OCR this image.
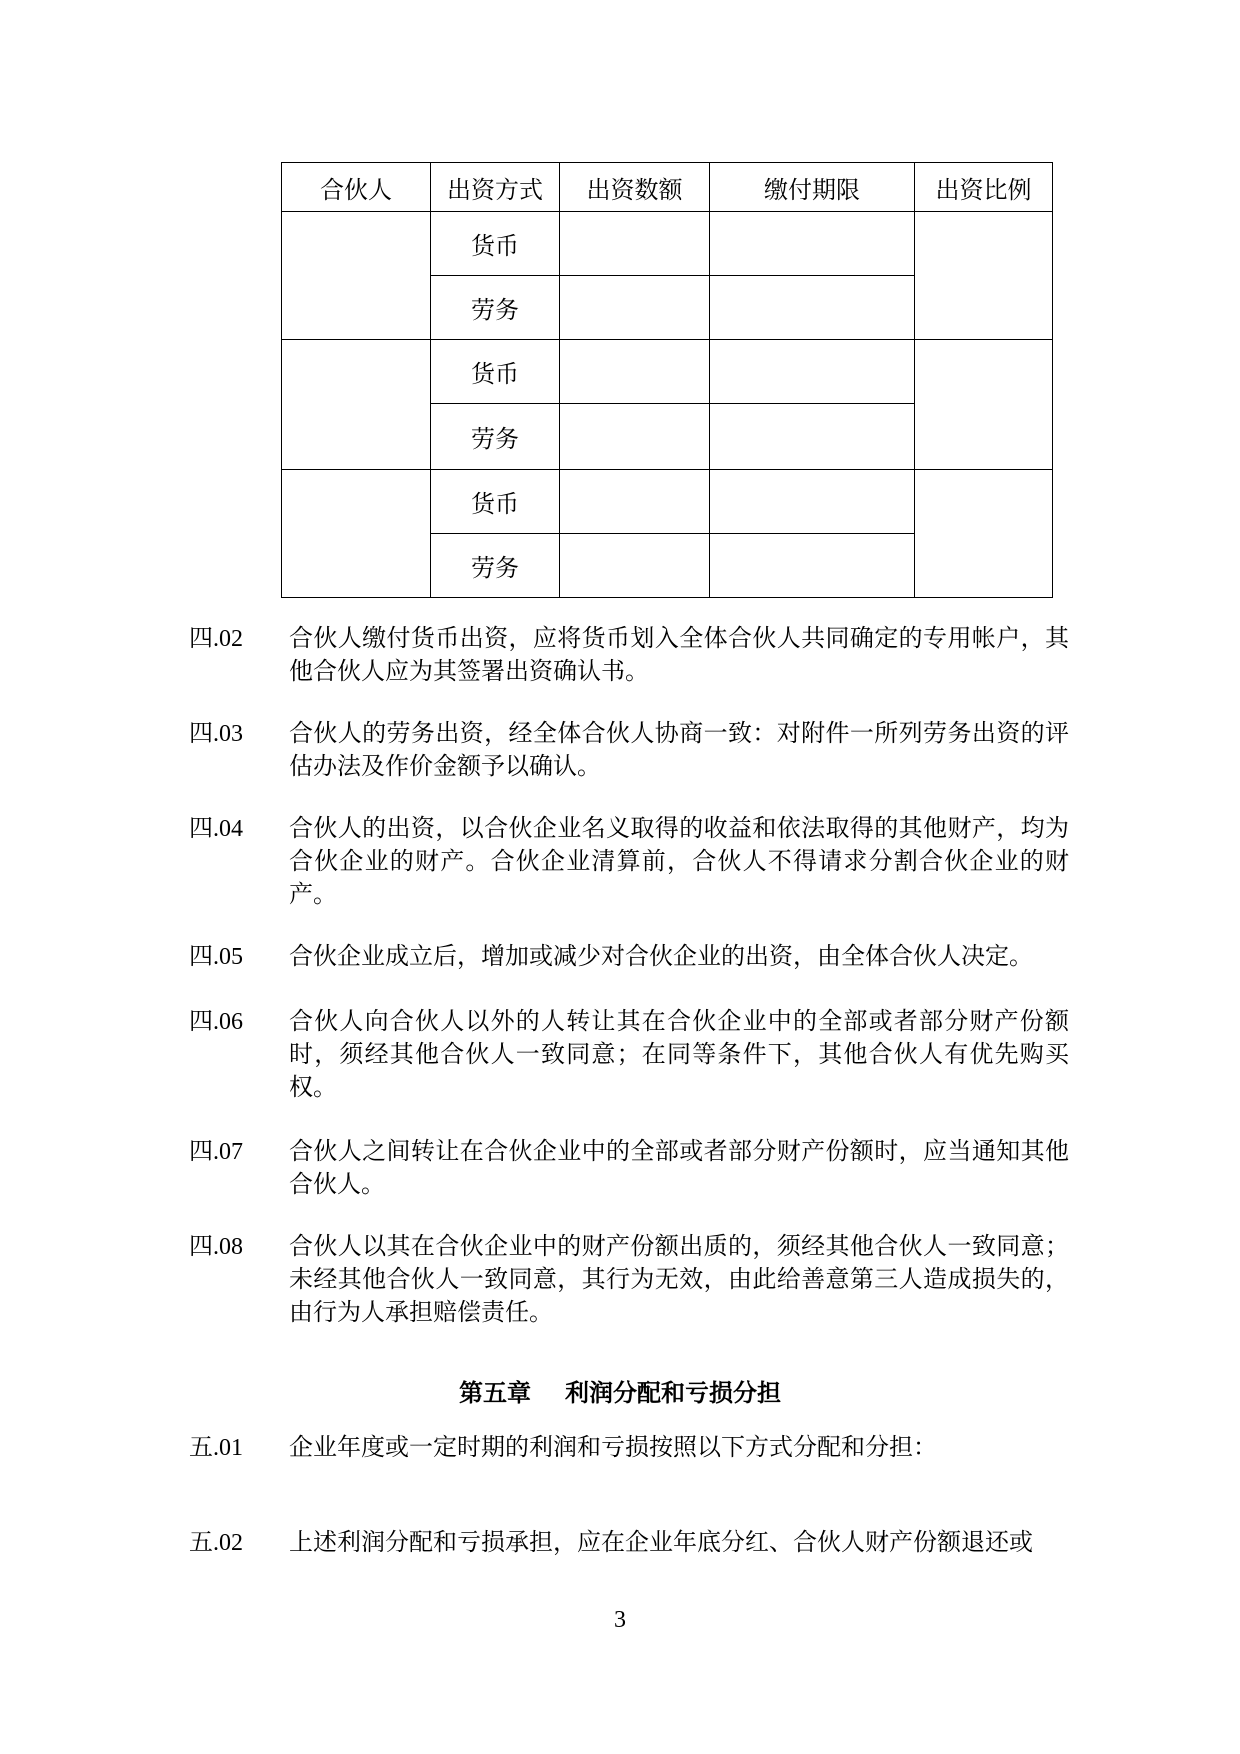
合伙人	出资方式	出资数额	缴付期限	出资比例
	货币			
	劳务			
	货币			
	劳务			
	货币			
	劳务			
四.02 合伙人缴付货币出资，应将货币划入全体合伙人共同确定的专用帐户，其他合伙人应为其签署出资确认书。
四.03 合伙人的劳务出资，经全体合伙人协商一致：对附件一所列劳务出资的评估办法及作价金额予以确认。
四.04 合伙人的出资，以合伙企业名义取得的收益和依法取得的其他财产，均为合伙企业的财产。合伙企业清算前，合伙人不得请求分割合伙企业的财产。
四.05 合伙企业成立后，增加或减少对合伙企业的出资，由全体合伙人决定。
四.06 合伙人向合伙人以外的人转让其在合伙企业中的全部或者部分财产份额时，须经其他合伙人一致同意；在同等条件下，其他合伙人有优先购买权。
四.07 合伙人之间转让在合伙企业中的全部或者部分财产份额时，应当通知其他合伙人。
四.08 合伙人以其在合伙企业中的财产份额出质的，须经其他合伙人一致同意；未经其他合伙人一致同意，其行为无效，由此给善意第三人造成损失的，由行为人承担赔偿责任。
第五章 利润分配和亏损分担
五.01 企业年度或一定时期的利润和亏损按照以下方式分配和分担：
五.02 上述利润分配和亏损承担，应在企业年底分红、合伙人财产份额退还或
3
